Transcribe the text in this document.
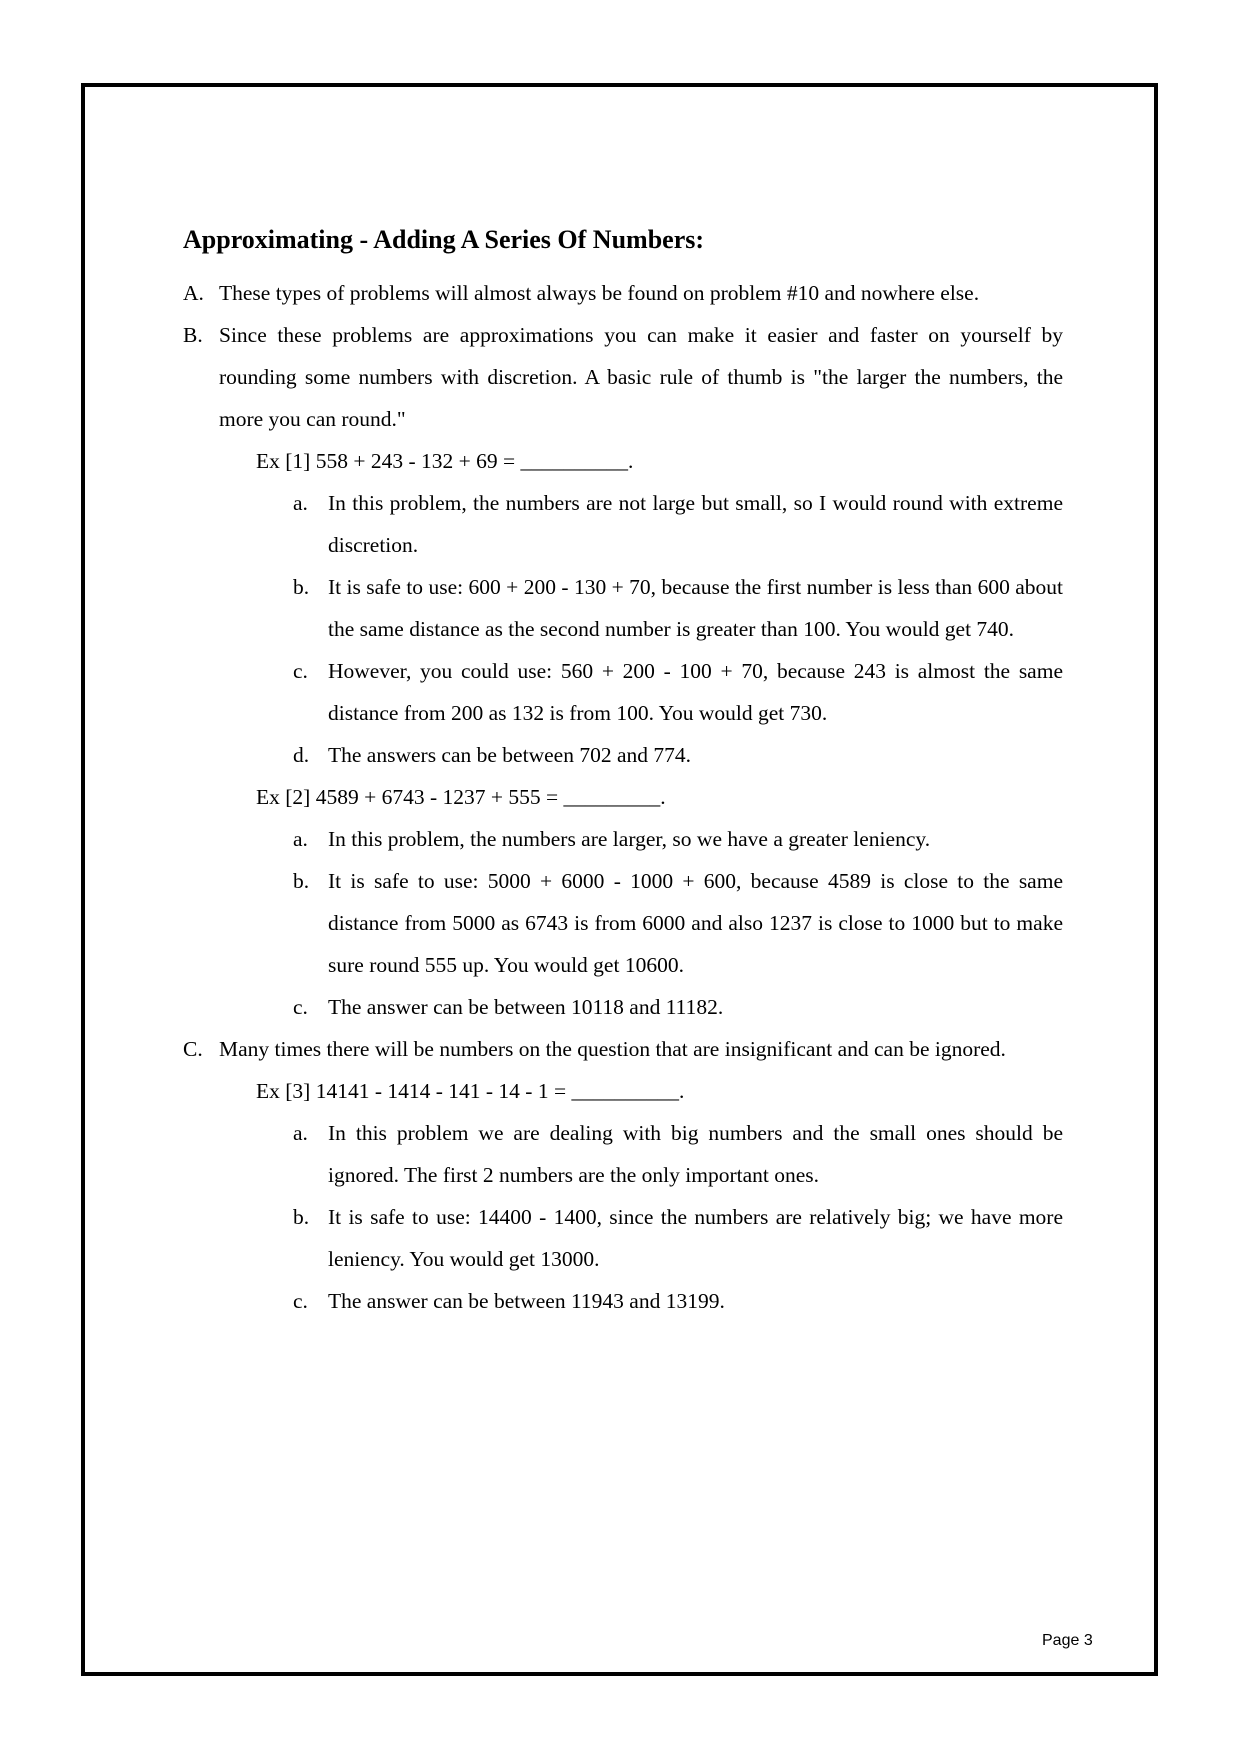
Approximating - Adding A Series Of Numbers:
A. These types of problems will almost always be found on problem #10 and nowhere else.
B. Since these problems are approximations you can make it easier and faster on yourself by rounding some numbers with discretion. A basic rule of thumb is "the larger the numbers, the more you can round."
Ex [1] 558 + 243 - 132 + 69 = __________.
a. In this problem, the numbers are not large but small, so I would round with extreme discretion.
b. It is safe to use: 600 + 200 - 130 + 70, because the first number is less than 600 about the same distance as the second number is greater than 100. You would get 740.
c. However, you could use: 560 + 200 - 100 + 70, because 243 is almost the same distance from 200 as 132 is from 100. You would get 730.
d. The answers can be between 702 and 774.
Ex [2] 4589 + 6743 - 1237 + 555 = _________.
a. In this problem, the numbers are larger, so we have a greater leniency.
b. It is safe to use: 5000 + 6000 - 1000 + 600, because 4589 is close to the same distance from 5000 as 6743 is from 6000 and also 1237 is close to 1000 but to make sure round 555 up. You would get 10600.
c. The answer can be between 10118 and 11182.
C. Many times there will be numbers on the question that are insignificant and can be ignored.
Ex [3] 14141 - 1414 - 141 - 14 - 1 = __________.
a. In this problem we are dealing with big numbers and the small ones should be ignored. The first 2 numbers are the only important ones.
b. It is safe to use: 14400 - 1400, since the numbers are relatively big; we have more leniency. You would get 13000.
c. The answer can be between 11943 and 13199.
Page 3
